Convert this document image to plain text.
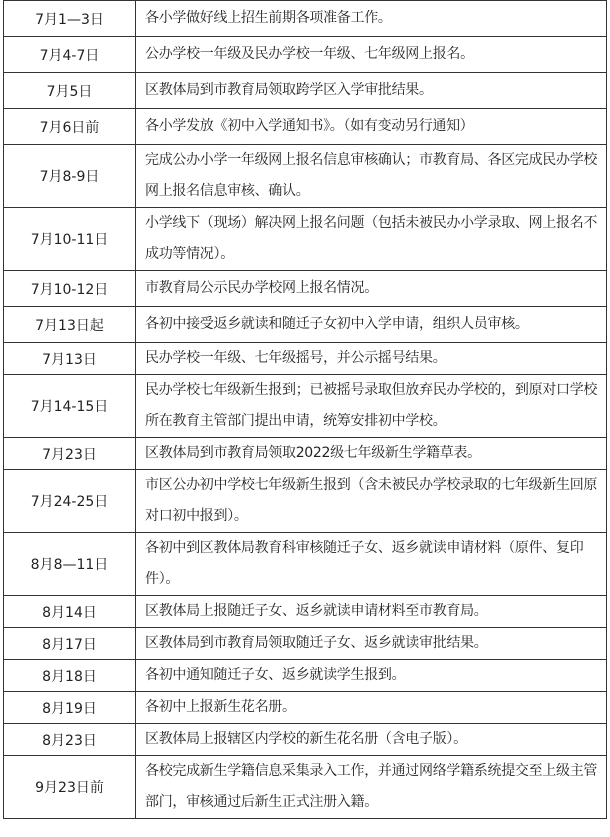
7月1—3日	各小学做好线上招生前期各项准备工作。
7月4-7日	公办学校一年级及民办学校一年级、七年级网上报名。
7月5日	区教体局到市教育局领取跨学区入学审批结果。
7月6日前	各小学发放《初中入学通知书》。（如有变动另行通知）
7月8-9日	完成公办小学一年级网上报名信息审核确认；市教育局、各区完成民办学校网上报名信息审核、确认。
7月10-11日	小学线下（现场）解决网上报名问题（包括未被民办小学录取、网上报名不成功等情况）。
7月10-12日	市教育局公示民办学校网上报名情况。
7月13日起	各初中接受返乡就读和随迁子女初中入学申请，组织人员审核。
7月13日	民办学校一年级、七年级摇号，并公示摇号结果。
7月14-15日	民办学校七年级新生报到；已被摇号录取但放弃民办学校的，到原对口学校所在教育主管部门提出申请，统筹安排初中学校。
7月23日	区教体局到市教育局领取2022级七年级新生学籍草表。
7月24-25日	市区公办初中学校七年级新生报到（含未被民办学校录取的七年级新生回原对口初中报到）。
8月8—11日	各初中到区教体局教育科审核随迁子女、返乡就读申请材料（原件、复印件）。
8月14日	区教体局上报随迁子女、返乡就读申请材料至市教育局。
8月17日	区教体局到市教育局领取随迁子女、返乡就读审批结果。
8月18日	各初中通知随迁子女、返乡就读学生报到。
8月19日	各初中上报新生花名册。
8月23日	区教体局上报辖区内学校的新生花名册（含电子版）。
9月23日前	各校完成新生学籍信息采集录入工作，并通过网络学籍系统提交至上级主管部门，审核通过后新生正式注册入籍。
